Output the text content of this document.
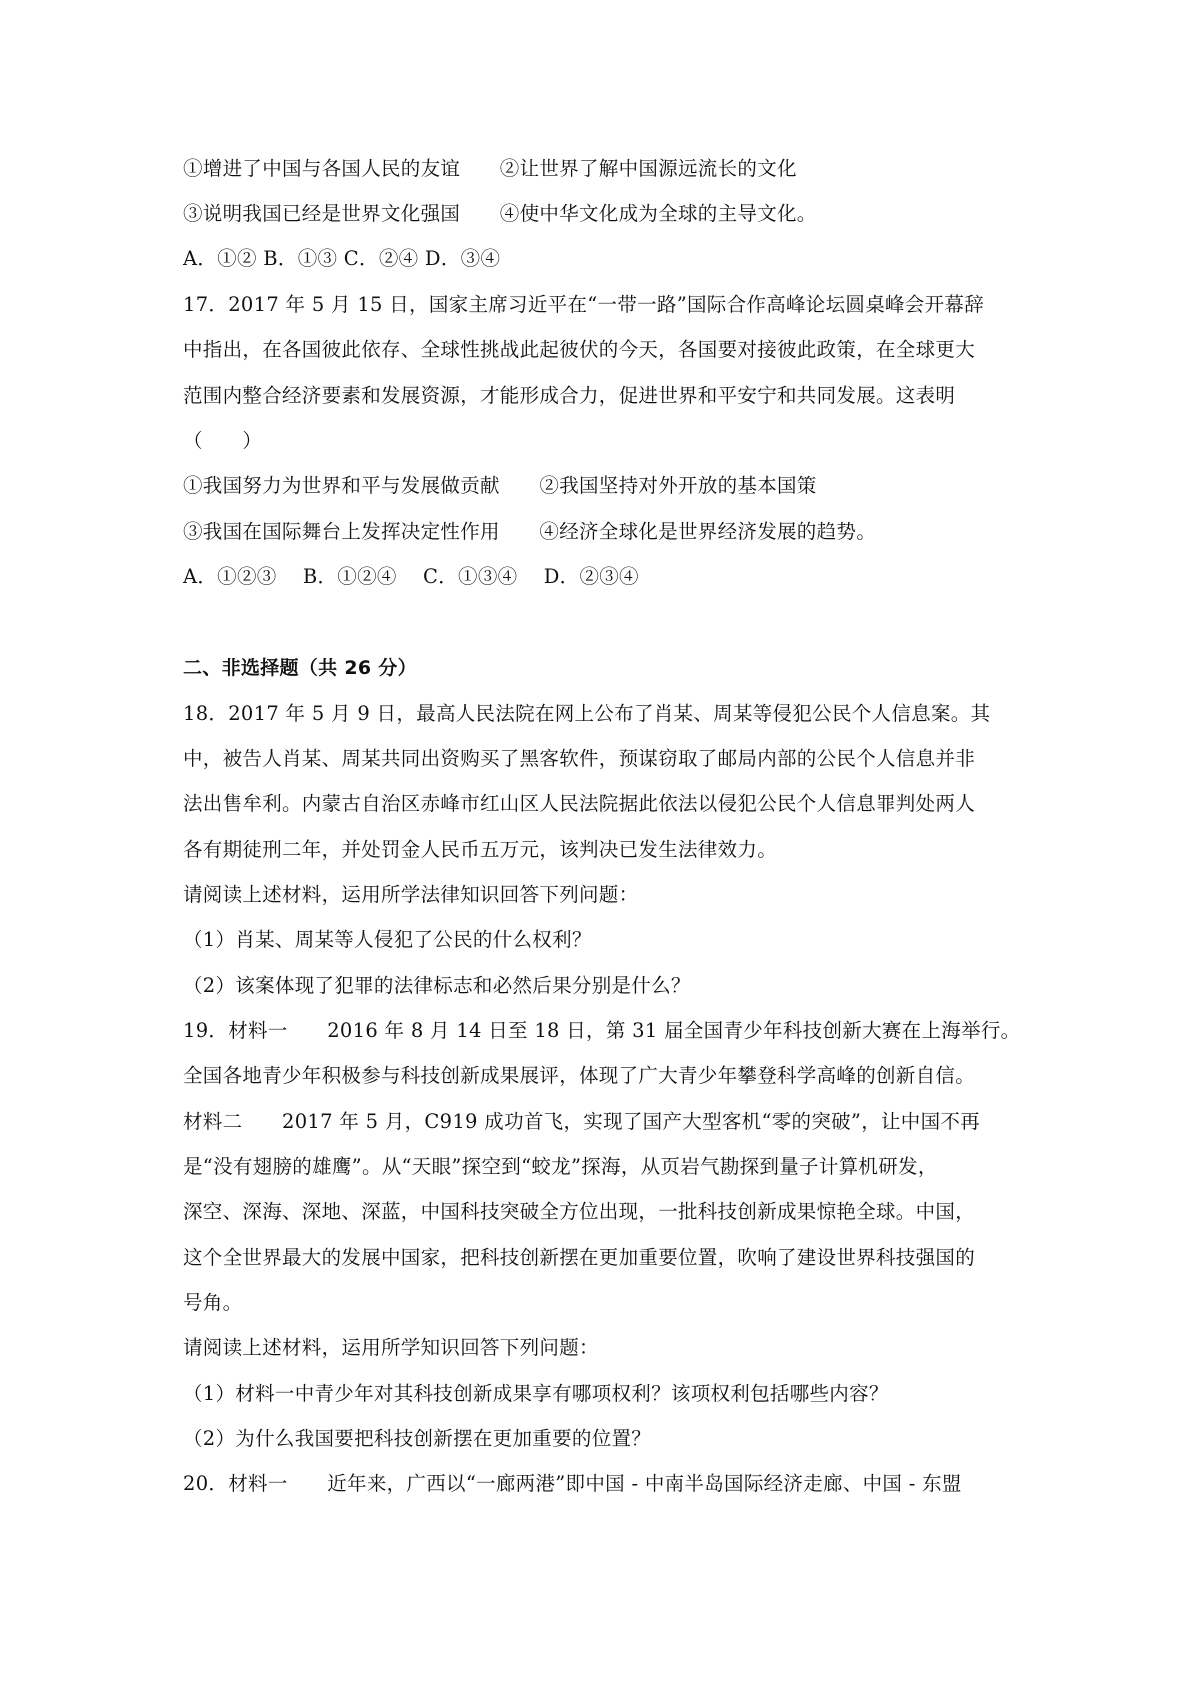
①增进了中国与各国人民的友谊　　②让世界了解中国源远流长的文化
③说明我国已经是世界文化强国　　④使中华文化成为全球的主导文化。
A．①② B．①③ C．②④ D．③④
17．2017 年 5 月 15 日，国家主席习近平在“一带一路”国际合作高峰论坛圆桌峰会开幕辞
中指出，在各国彼此依存、全球性挑战此起彼伏的今天，各国要对接彼此政策，在全球更大
范围内整合经济要素和发展资源，才能形成合力，促进世界和平安宁和共同发展。这表明
（　　）
①我国努力为世界和平与发展做贡献　　②我国坚持对外开放的基本国策
③我国在国际舞台上发挥决定性作用　　④经济全球化是世界经济发展的趋势。
A．①②③　 B．①②④　 C．①③④　 D．②③④
二、非选择题（共 26 分）
18．2017 年 5 月 9 日，最高人民法院在网上公布了肖某、周某等侵犯公民个人信息案。其
中，被告人肖某、周某共同出资购买了黑客软件，预谋窃取了邮局内部的公民个人信息并非
法出售牟利。内蒙古自治区赤峰市红山区人民法院据此依法以侵犯公民个人信息罪判处两人
各有期徒刑二年，并处罚金人民币五万元，该判决已发生法律效力。
请阅读上述材料，运用所学法律知识回答下列问题：
（1）肖某、周某等人侵犯了公民的什么权利？
（2）该案体现了犯罪的法律标志和必然后果分别是什么？
19．材料一　　2016 年 8 月 14 日至 18 日，第 31 届全国青少年科技创新大赛在上海举行。
全国各地青少年积极参与科技创新成果展评，体现了广大青少年攀登科学高峰的创新自信。
材料二　　2017 年 5 月，C919 成功首飞，实现了国产大型客机“零的突破”，让中国不再
是“没有翅膀的雄鹰”。从“天眼”探空到“蛟龙”探海，从页岩气勘探到量子计算机研发，
深空、深海、深地、深蓝，中国科技突破全方位出现，一批科技创新成果惊艳全球。中国，
这个全世界最大的发展中国家，把科技创新摆在更加重要位置，吹响了建设世界科技强国的
号角。
请阅读上述材料，运用所学知识回答下列问题：
（1）材料一中青少年对其科技创新成果享有哪项权利？该项权利包括哪些内容？
（2）为什么我国要把科技创新摆在更加重要的位置？
20．材料一　　近年来，广西以“一廊两港”即中国 - 中南半岛国际经济走廊、中国 - 东盟
